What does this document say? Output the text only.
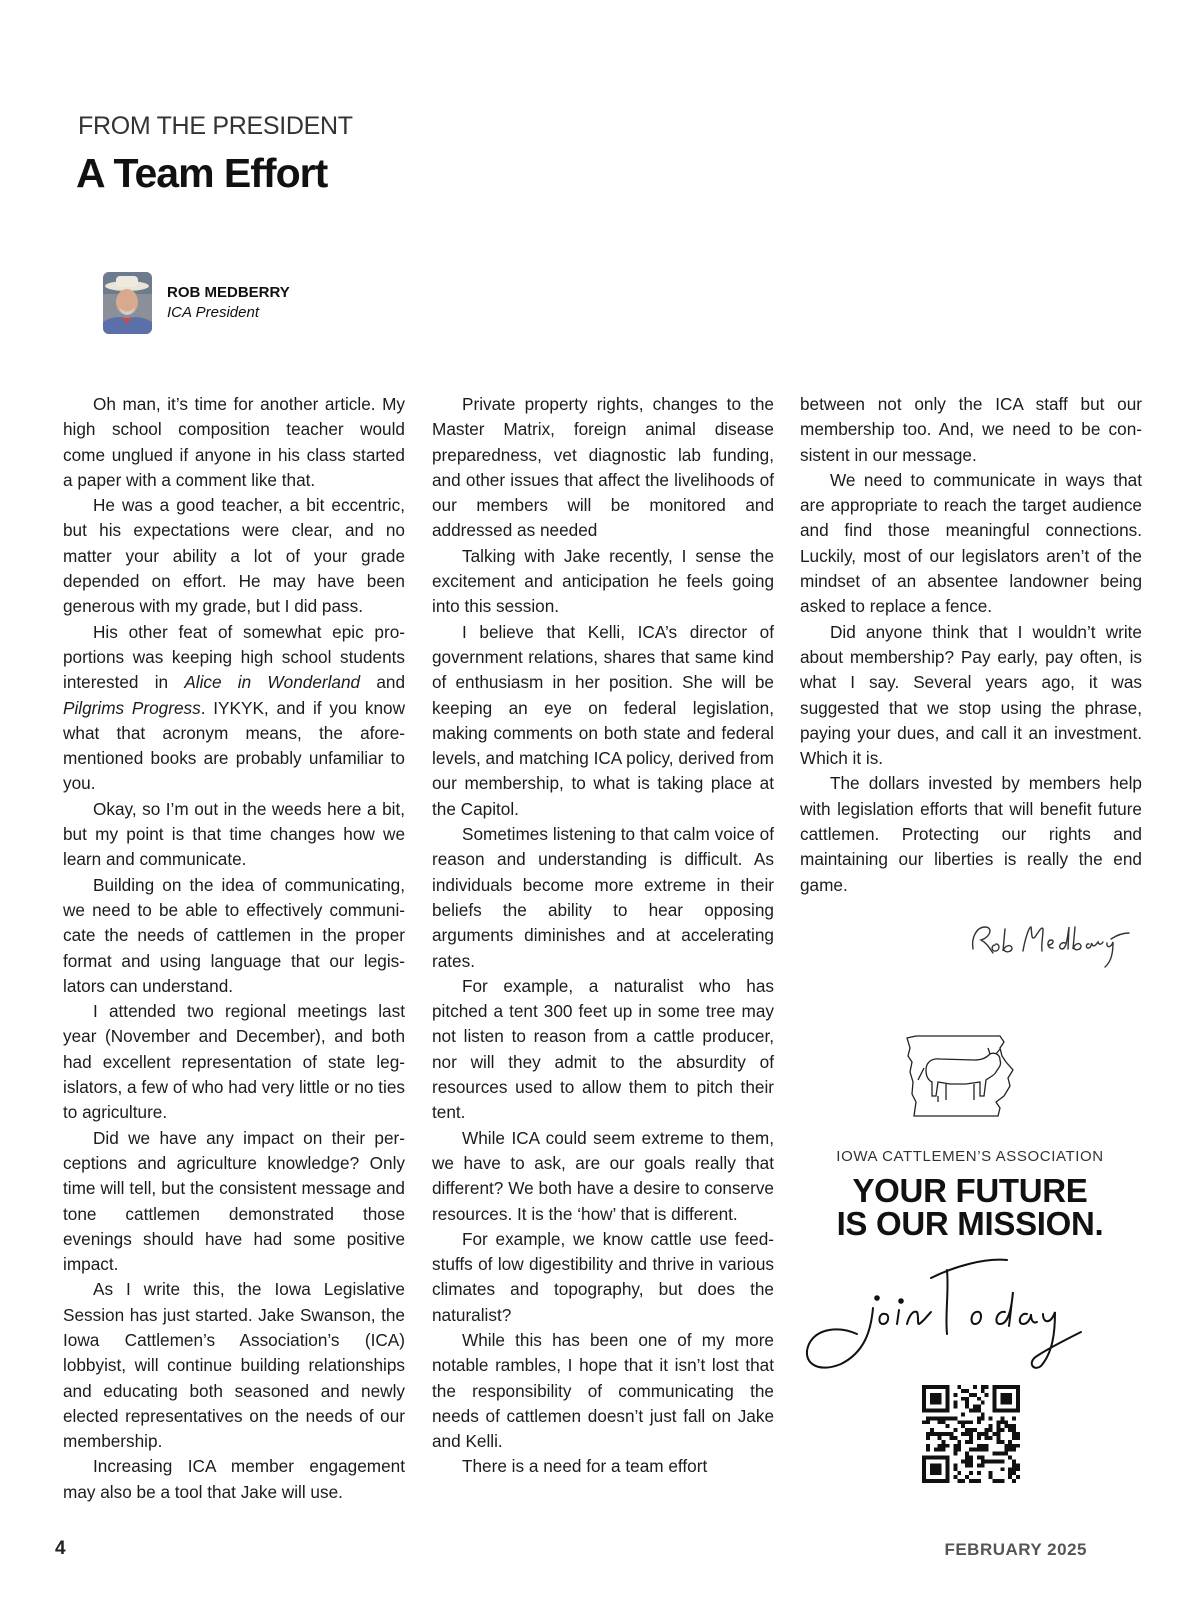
FROM THE PRESIDENT
A Team Effort
ROB MEDBERRY
ICA President

Oh man, it’s time for another article. My high school composition teacher would come unglued if anyone in his class started a paper with a comment like that.

He was a good teacher, a bit eccentric, but his expectations were clear, and no matter your ability a lot of your grade depended on effort. He may have been generous with my grade, but I did pass.

His other feat of somewhat epic proportions was keeping high school students interested in Alice in Wonderland and Pilgrims Progress. IYKYK, and if you know what that acronym means, the aforementioned books are probably unfamiliar to you.

Okay, so I’m out in the weeds here a bit, but my point is that time changes how we learn and communicate.

Building on the idea of communicating, we need to be able to effectively communicate the needs of cattlemen in the proper format and using language that our legislators can understand.

I attended two regional meetings last year (November and December), and both had excellent representation of state legislators, a few of who had very little or no ties to agriculture.

Did we have any impact on their perceptions and agriculture knowledge? Only time will tell, but the consistent message and tone cattlemen demonstrated those evenings should have had some positive impact.

As I write this, the Iowa Legislative Session has just started. Jake Swanson, the Iowa Cattlemen’s Association’s (ICA) lobbyist, will continue building relationships and educating both seasoned and newly elected representatives on the needs of our membership.

Increasing ICA member engagement may also be a tool that Jake will use.

Private property rights, changes to the Master Matrix, foreign animal disease preparedness, vet diagnostic lab funding, and other issues that affect the livelihoods of our members will be monitored and addressed as needed

Talking with Jake recently, I sense the excitement and anticipation he feels going into this session.

I believe that Kelli, ICA’s director of government relations, shares that same kind of enthusiasm in her position. She will be keeping an eye on federal legislation, making comments on both state and federal levels, and matching ICA policy, derived from our membership, to what is taking place at the Capitol.

Sometimes listening to that calm voice of reason and understanding is difficult. As individuals become more extreme in their beliefs the ability to hear opposing arguments diminishes and at accelerating rates.

For example, a naturalist who has pitched a tent 300 feet up in some tree may not listen to reason from a cattle producer, nor will they admit to the absurdity of resources used to allow them to pitch their tent.

While ICA could seem extreme to them, we have to ask, are our goals really that different? We both have a desire to conserve resources. It is the ‘how’ that is different.

For example, we know cattle use feedstuffs of low digestibility and thrive in various climates and topography, but does the naturalist?

While this has been one of my more notable rambles, I hope that it isn’t lost that the responsibility of communicating the needs of cattlemen doesn’t just fall on Jake and Kelli.

There is a need for a team effort

between not only the ICA staff but our membership too. And, we need to be consistent in our message.

We need to communicate in ways that are appropriate to reach the target audience and find those meaningful connections. Luckily, most of our legislators aren’t of the mindset of an absentee landowner being asked to replace a fence.

Did anyone think that I wouldn’t write about membership? Pay early, pay often, is what I say. Several years ago, it was suggested that we stop using the phrase, paying your dues, and call it an investment. Which it is.

The dollars invested by members help with legislation efforts that will benefit future cattlemen. Protecting our rights and maintaining our liberties is really the end game.

IOWA CATTLEMEN’S ASSOCIATION
YOUR FUTURE
IS OUR MISSION.
4	FEBRUARY 2025
